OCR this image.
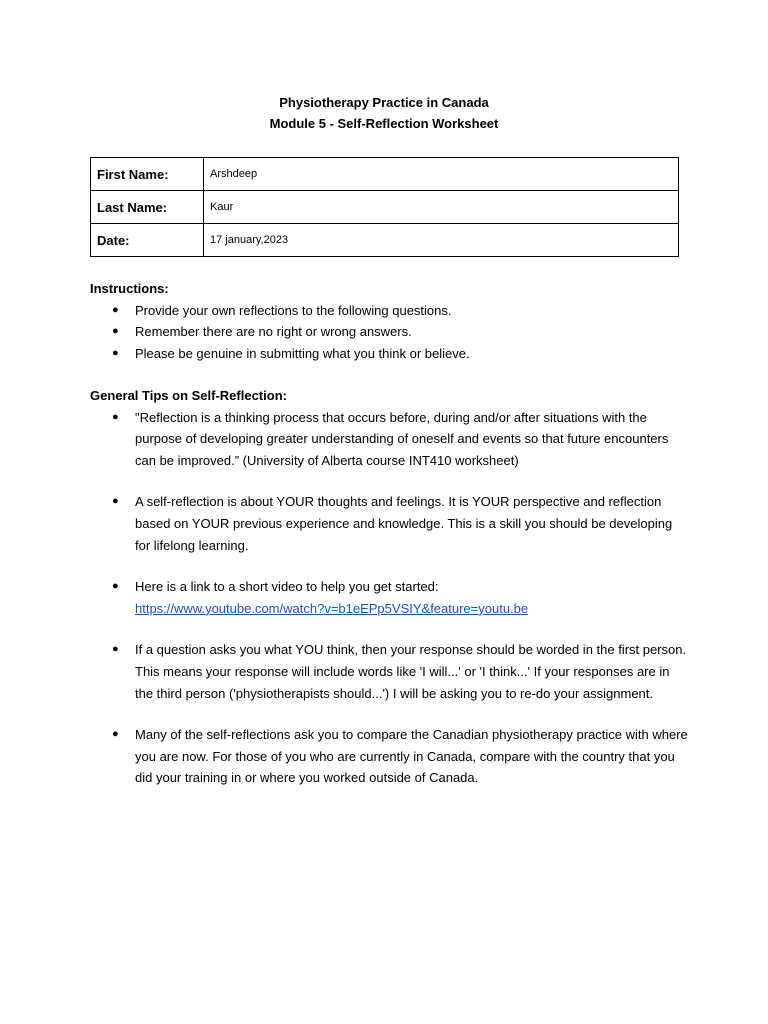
Physiotherapy Practice in Canada
Module 5 - Self-Reflection Worksheet
First Name:	Arshdeep
Last Name:	Kaur
Date:	17 january,2023
Instructions:
● Provide your own reflections to the following questions.
● Remember there are no right or wrong answers.
● Please be genuine in submitting what you think or believe.
General Tips on Self-Reflection:
● "Reflection is a thinking process that occurs before, during and/or after situations with the purpose of developing greater understanding of oneself and events so that future encounters can be improved.” (University of Alberta course INT410 worksheet)
● A self-reflection is about YOUR thoughts and feelings. It is YOUR perspective and reflection based on YOUR previous experience and knowledge. This is a skill you should be developing for lifelong learning.
● Here is a link to a short video to help you get started:
https://www.youtube.com/watch?v=b1eEPp5VSIY&feature=youtu.be
● If a question asks you what YOU think, then your response should be worded in the first person. This means your response will include words like 'I will...' or 'I think...' If your responses are in the third person ('physiotherapists should...') I will be asking you to re-do your assignment.
● Many of the self-reflections ask you to compare the Canadian physiotherapy practice with where you are now. For those of you who are currently in Canada, compare with the country that you did your training in or where you worked outside of Canada.
